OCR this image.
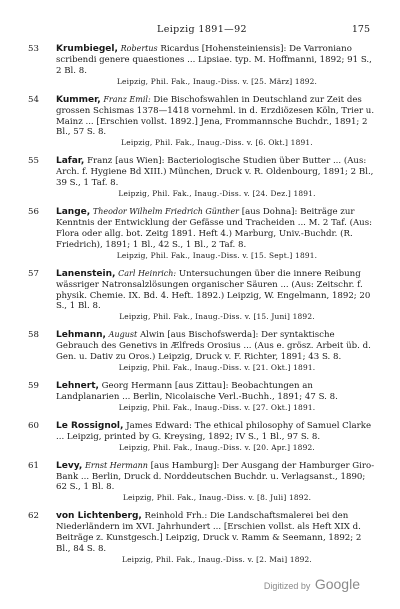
Leipzig 1891—92	175
53 Krumbiegel, Robertus Ricardus [Hohensteiniensis]: De Varroniano scribendi genere quaestiones ... Lipsiae. typ. M. Hoffmanni, 1892; 91 S., 2 Bl. 8.
Leipzig, Phil. Fak., Inaug.-Diss. v. [25. März] 1892.
54 Kummer, Franz Emil: Die Bischofswahlen in Deutschland zur Zeit des grossen Schismas 1378—1418 vornehml. in d. Erzdiözesen Köln, Trier u. Mainz ... [Erschien vollst. 1892.] Jena, Frommannsche Buchdr., 1891; 2 Bl., 57 S. 8.
Leipzig, Phil. Fak., Inaug.-Diss. v. [6. Okt.] 1891.
55 Lafar, Franz [aus Wien]: Bacteriologische Studien über Butter ... (Aus: Arch. f. Hygiene Bd XIII.) München, Druck v. R. Oldenbourg, 1891; 2 Bl., 39 S., 1 Taf. 8.
Leipzig, Phil. Fak., Inaug.-Diss. v. [24. Dez.] 1891.
56 Lange, Theodor Wilhelm Friedrich Günther [aus Dohna]: Beiträge zur Kenntnis der Entwicklung der Gefässe und Tracheiden ... M. 2 Taf. (Aus: Flora oder allg. bot. Zeitg 1891. Heft 4.) Marburg, Univ.-Buchdr. (R. Friedrich), 1891; 1 Bl., 42 S., 1 Bl., 2 Taf. 8.
Leipzig, Phil. Fak., Inaug.-Diss. v. [15. Sept.] 1891.
57 Lanenstein, Carl Heinrich: Untersuchungen über die innere Reibung wässriger Natronsalzlösungen organischer Säuren ... (Aus: Zeitschr. f. physik. Chemie. IX. Bd. 4. Heft. 1892.) Leipzig, W. Engelmann, 1892; 20 S., 1 Bl. 8.
Leipzig, Phil. Fak., Inaug.-Diss. v. [15. Juni] 1892.
58 Lehmann, August Alwin [aus Bischofswerda]: Der syntaktische Gebrauch des Genetivs in Ælfreds Orosius ... (Aus e. grösz. Arbeit üb. d. Gen. u. Dativ zu Oros.) Leipzig, Druck v. F. Richter, 1891; 43 S. 8.
Leipzig, Phil. Fak., Inaug.-Diss. v. [21. Okt.] 1891.
59 Lehnert, Georg Hermann [aus Zittau]: Beobachtungen an Landplanarien ... Berlin, Nicolaische Verl.-Buchh., 1891; 47 S. 8.
Leipzig, Phil. Fak., Inaug.-Diss. v. [27. Okt.] 1891.
60 Le Rossignol, James Edward: The ethical philosophy of Samuel Clarke ... Leipzig, printed by G. Kreysing, 1892; IV S., 1 Bl., 97 S. 8.
Leipzig, Phil. Fak., Inaug.-Diss. v. [20. Apr.] 1892.
61 Levy, Ernst Hermann [aus Hamburg]: Der Ausgang der Hamburger Giro-Bank ... Berlin, Druck d. Norddeutschen Buchdr. u. Verlagsanst., 1890; 62 S., 1 Bl. 8.
Leipzig, Phil. Fak., Inaug.-Diss. v. [8. Juli] 1892.
62 von Lichtenberg, Reinhold Frh.: Die Landschaftsmalerei bei den Niederländern im XVI. Jahrhundert ... [Erschien vollst. als Heft XIX d. Beiträge z. Kunstgesch.] Leipzig, Druck v. Ramm & Seemann, 1892; 2 Bl., 84 S. 8.
Leipzig, Phil. Fak., Inaug.-Diss. v. [2. Mai] 1892.
Digitized by Google
